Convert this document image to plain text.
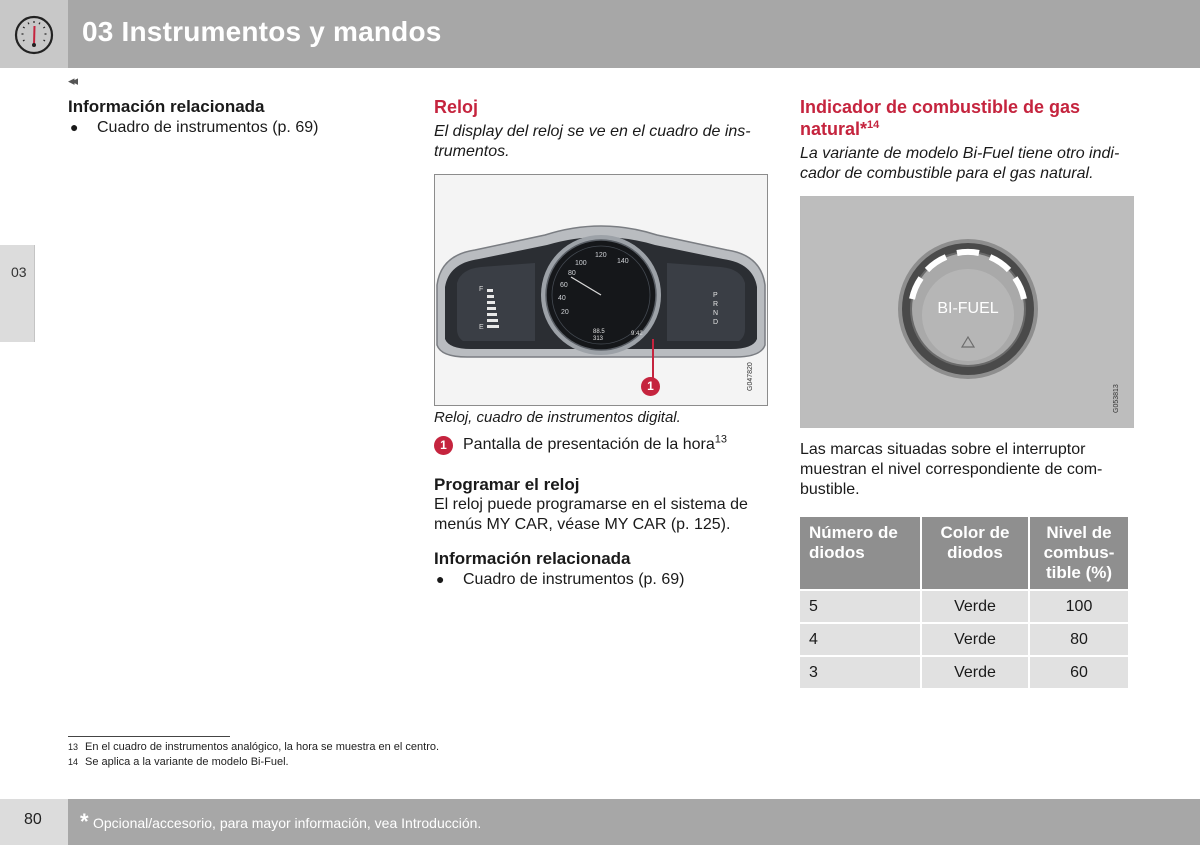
03 Instrumentos y mandos
03
◂◂
Información relacionada
● Cuadro de instrumentos (p. 69)
Reloj

El display del reloj se ve en el cuadro de ins-trumentos.

F
E
100
120
140
80
60
40
20
88.5
313
9:42
P
R
N
D
1	G047820
Reloj, cuadro de instrumentos digital.
1	Pantalla de presentación de la hora$^{13}$
Programar el reloj

El reloj puede programarse en el sistema de menús MY CAR, véase MY CAR (p. 125).

Información relacionada
● Cuadro de instrumentos (p. 69)
Indicador de combustible de gas natural*$^{14}$

La variante de modelo Bi-Fuel tiene otro indi-cador de combustible para el gas natural.

BI-FUEL
G053813

Las marcas situadas sobre el interruptor muestran el nivel correspondiente de com-bustible.

Número de diodos	Color de diodos	Nivel de combus-tible (%)
5	Verde	100
4	Verde	80
3	Verde	60
13 En el cuadro de instrumentos analógico, la hora se muestra en el centro.
14 Se aplica a la variante de modelo Bi-Fuel.
80 * Opcional/accesorio, para mayor información, vea Introducción.
